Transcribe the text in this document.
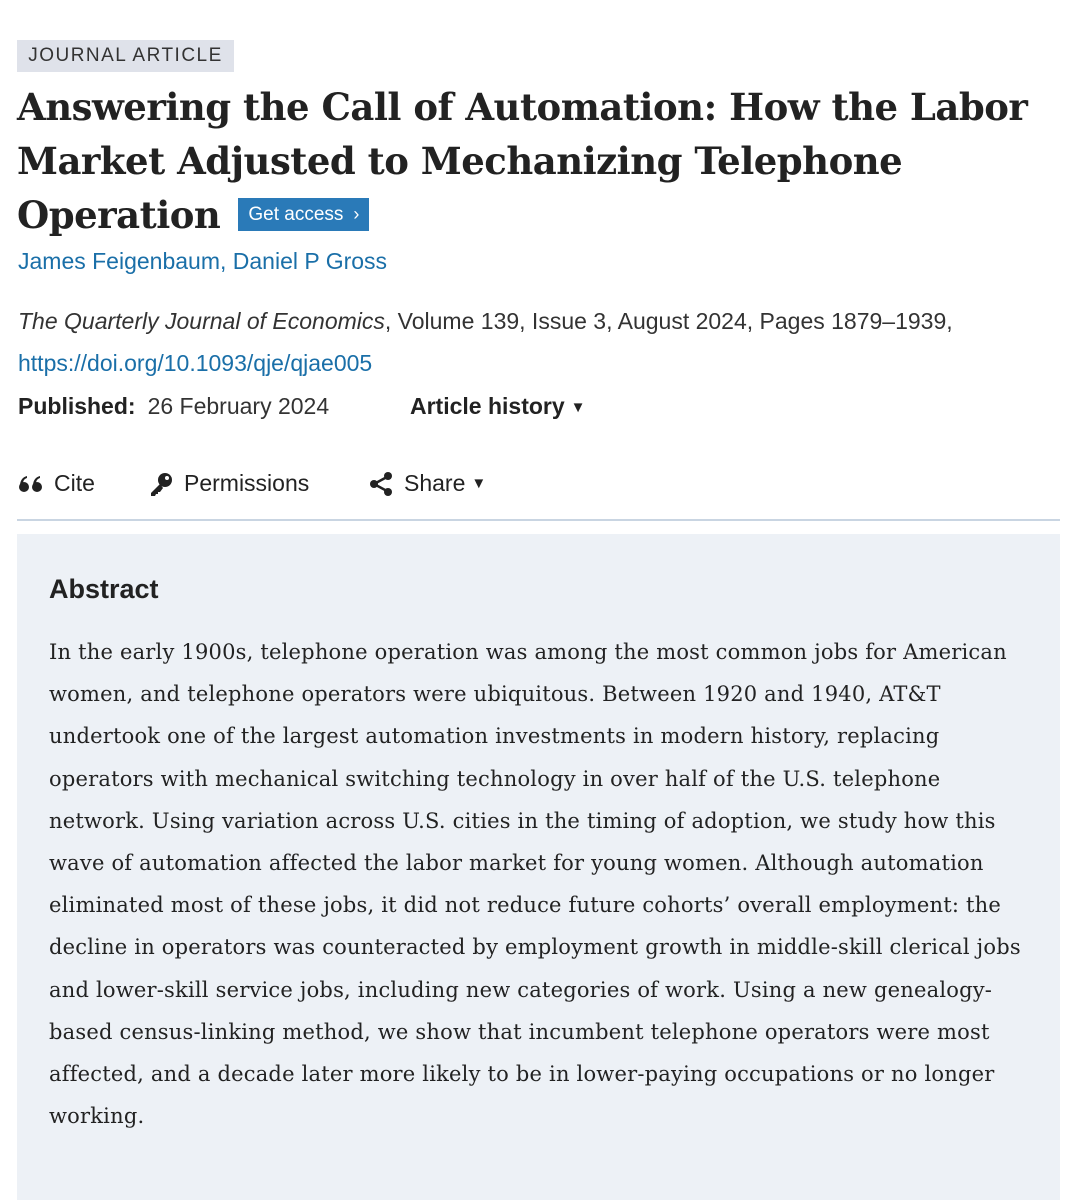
JOURNAL ARTICLE
Answering the Call of Automation: How the Labor Market Adjusted to Mechanizing Telephone Operation Get access ›
James Feigenbaum, Daniel P Gross
The Quarterly Journal of Economics, Volume 139, Issue 3, August 2024, Pages 1879–1939,
https://doi.org/10.1093/qje/qjae005
Published: 26 February 2024	Article history ▼
Cite	Permissions	Share ▼
Abstract

In the early 1900s, telephone operation was among the most common jobs for American women, and telephone operators were ubiquitous. Between 1920 and 1940, AT&T undertook one of the largest automation investments in modern history, replacing operators with mechanical switching technology in over half of the U.S. telephone network. Using variation across U.S. cities in the timing of adoption, we study how this wave of automation affected the labor market for young women. Although automation eliminated most of these jobs, it did not reduce future cohorts’ overall employment: the decline in operators was counteracted by employment growth in middle-skill clerical jobs and lower-skill service jobs, including new categories of work. Using a new genealogy-based census-linking method, we show that incumbent telephone operators were most affected, and a decade later more likely to be in lower-paying occupations or no longer working.
